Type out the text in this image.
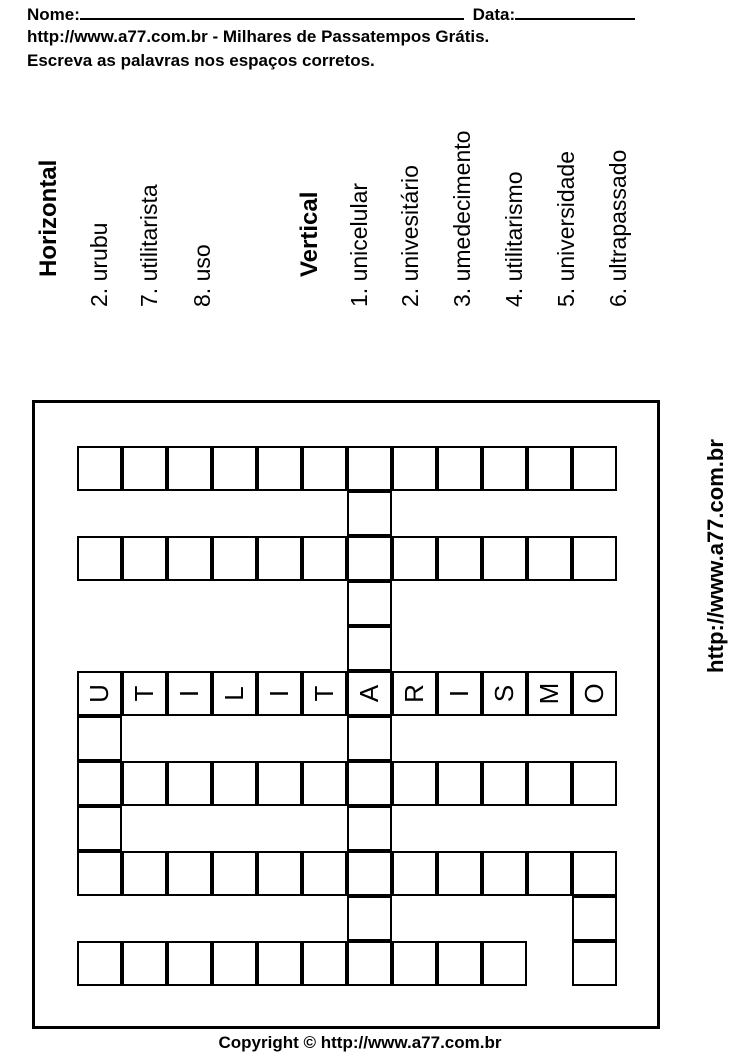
Nome:	Data:
http://www.a77.com.br - Milhares de Passatempos Grátis.
Escreva as palavras nos espaços corretos.
Horizontal 2. urubu 7. utilitarista 8. uso	Vertical 1. unicelular 2. univesitário 3. umedecimento 4. utilitarismo 5. universidade 6. ultrapassado
U T I L I T A R I S M O
http://www.a77.com.br
Copyright © http://www.a77.com.br
